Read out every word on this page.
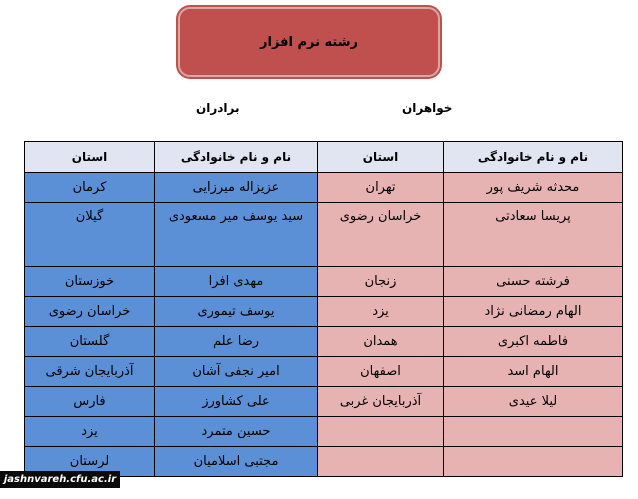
رشته نرم افزار
برادران	خواهران
استان	نام و نام خانوادگی	استان	نام و نام خانوادگی
کرمان	عزیزاله میرزایی	تهران	محدثه شریف پور
گیلان	سید یوسف میر مسعودی	خراسان رضوی	پریسا سعادتی
خوزستان	مهدی افرا	زنجان	فرشته حسنی
خراسان رضوی	یوسف تیموری	یزد	الهام رمضانی نژاد
گلستان	رضا علم	همدان	فاطمه اکبری
آذربایجان شرقی	امیر نجفی آشان	اصفهان	الهام اسد
فارس	علی کشاورز	آذربایجان غربی	لیلا عیدی
یزد	حسین متمرد		
لرستان	مجتبی اسلامیان		
jashnvareh.cfu.ac.ir
